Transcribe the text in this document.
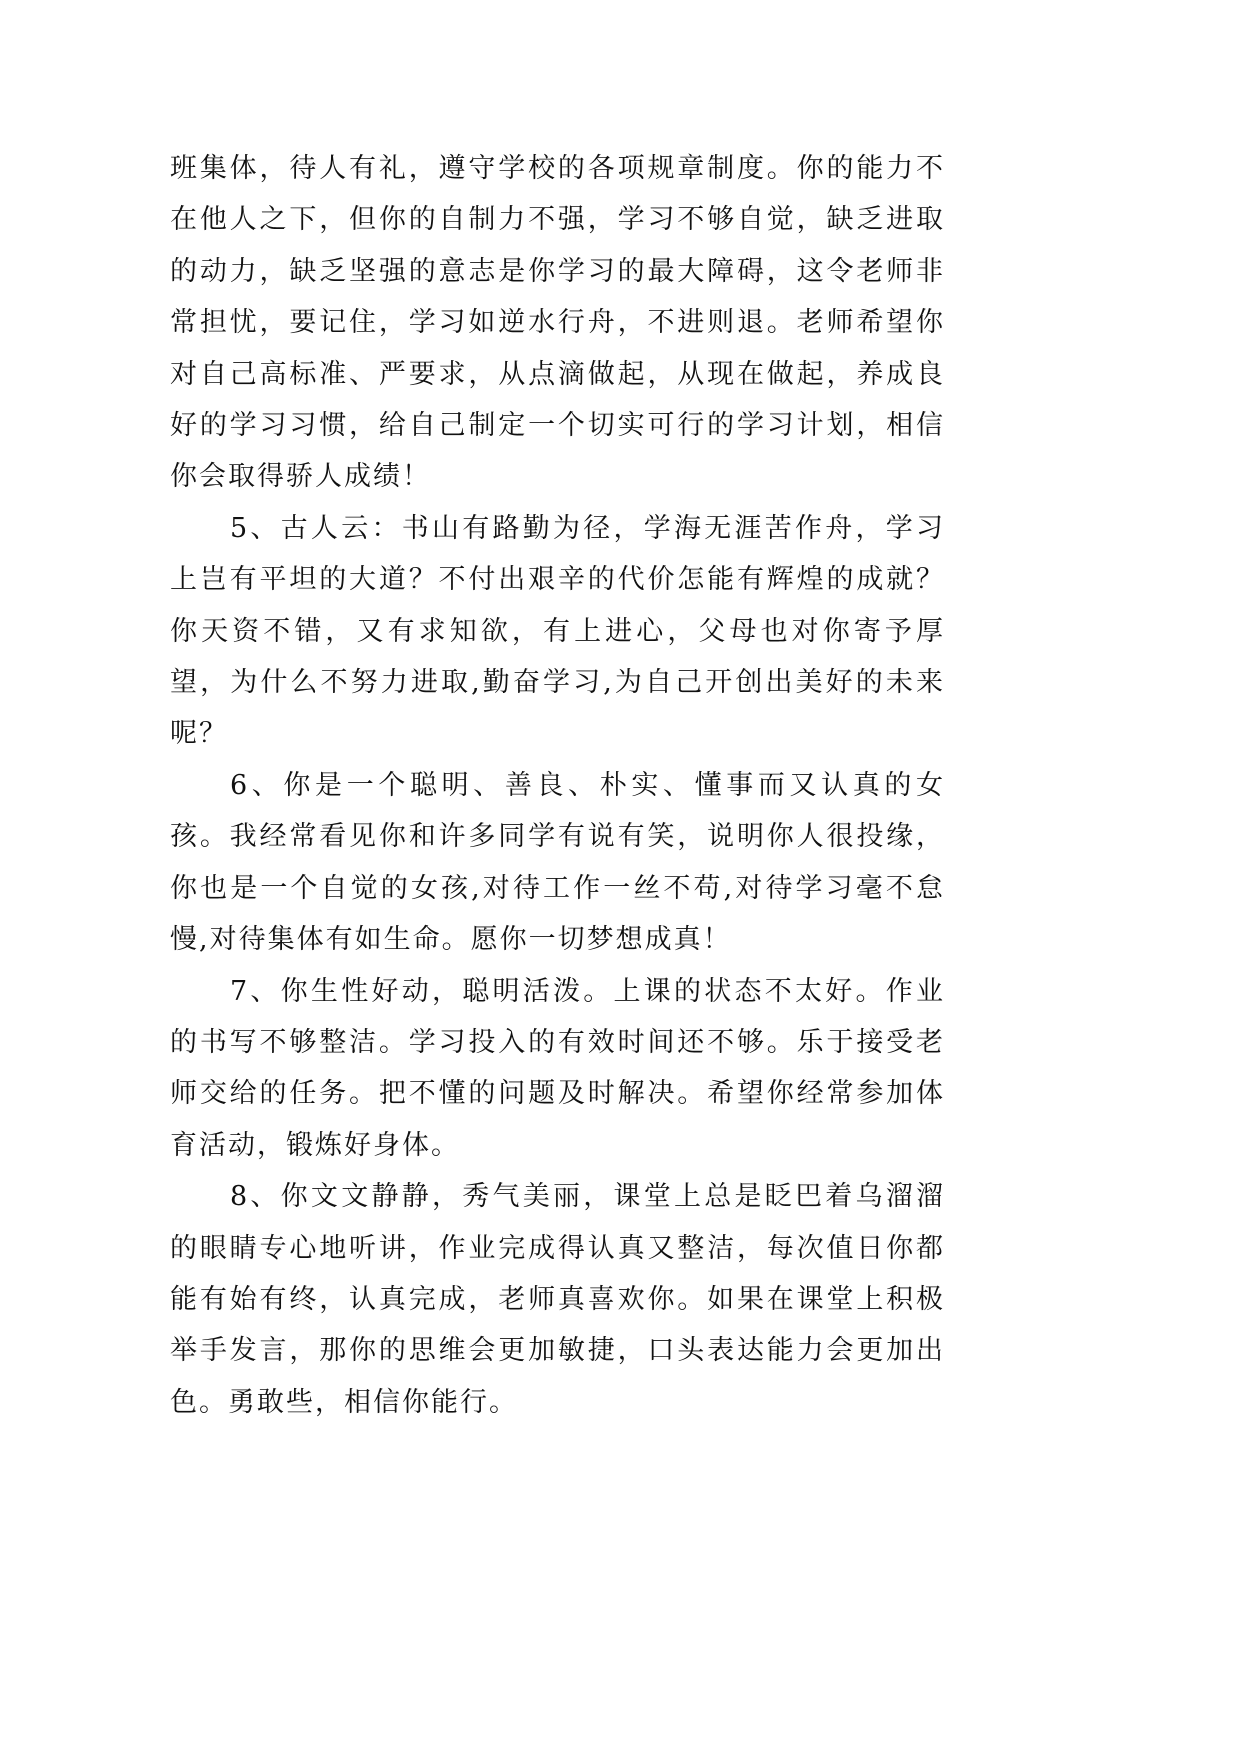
班集体，待人有礼，遵守学校的各项规章制度。你的能力不在他人之下，但你的自制力不强，学习不够自觉，缺乏进取的动力，缺乏坚强的意志是你学习的最大障碍，这令老师非常担忧，要记住，学习如逆水行舟，不进则退。老师希望你对自己高标准、严要求，从点滴做起，从现在做起，养成良好的学习习惯，给自己制定一个切实可行的学习计划，相信你会取得骄人成绩！

5、古人云：书山有路勤为径，学海无涯苦作舟，学习上岂有平坦的大道？不付出艰辛的代价怎能有辉煌的成就？你天资不错，又有求知欲，有上进心，父母也对你寄予厚望，为什么不努力进取,勤奋学习,为自己开创出美好的未来呢？

6、你是一个聪明、善良、朴实、懂事而又认真的女孩。我经常看见你和许多同学有说有笑，说明你人很投缘，你也是一个自觉的女孩,对待工作一丝不苟,对待学习毫不怠慢,对待集体有如生命。愿你一切梦想成真！

7、你生性好动，聪明活泼。上课的状态不太好。作业的书写不够整洁。学习投入的有效时间还不够。乐于接受老师交给的任务。把不懂的问题及时解决。希望你经常参加体育活动，锻炼好身体。

8、你文文静静，秀气美丽，课堂上总是眨巴着乌溜溜的眼睛专心地听讲，作业完成得认真又整洁，每次值日你都能有始有终，认真完成，老师真喜欢你。如果在课堂上积极举手发言，那你的思维会更加敏捷，口头表达能力会更加出色。勇敢些，相信你能行。
